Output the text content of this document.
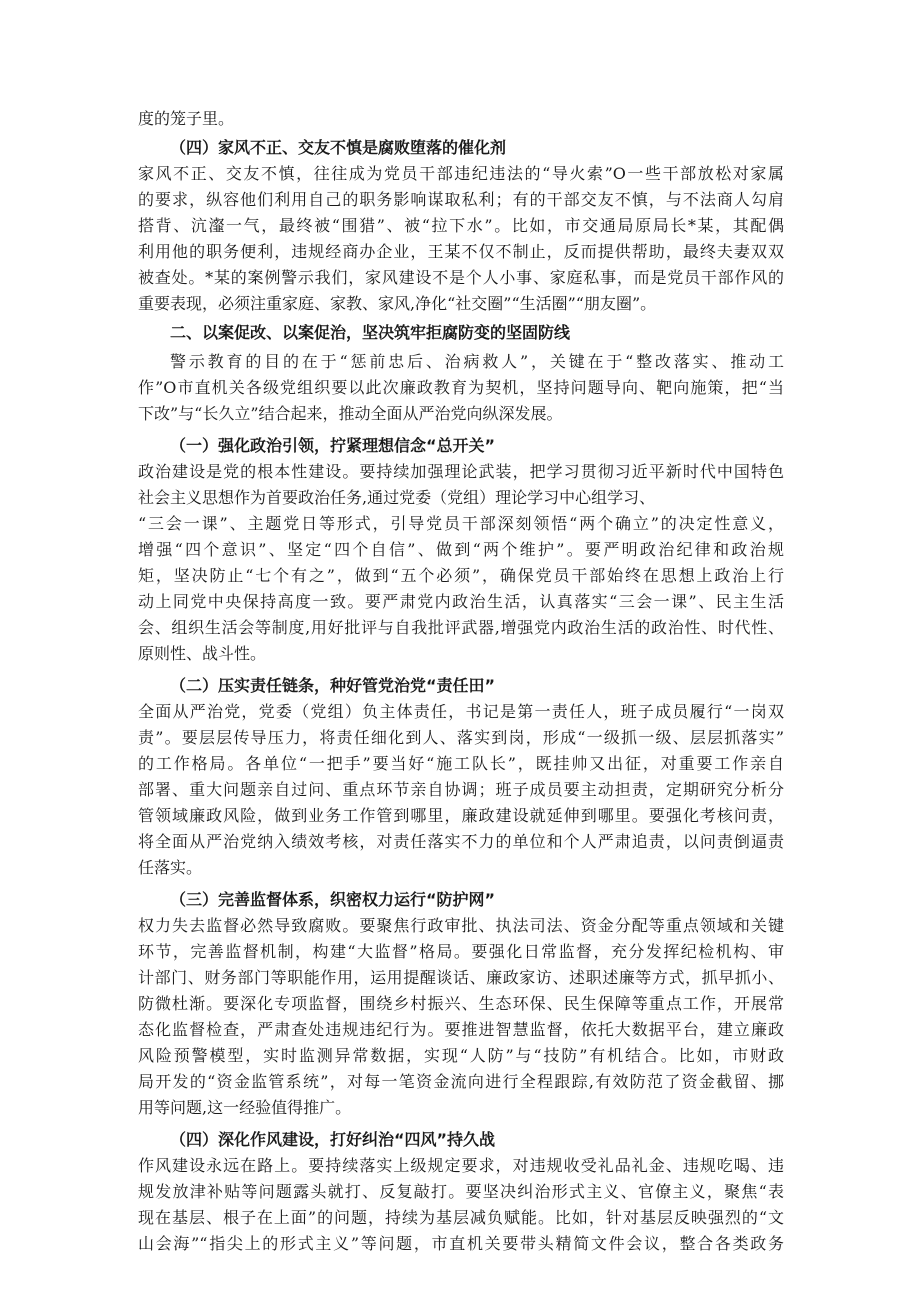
度的笼子里。
（四）家风不正、交友不慎是腐败堕落的催化剂
家风不正、交友不慎，往往成为党员干部违纪违法的“导火索”O一些干部放松对家属
的要求，纵容他们利用自己的职务影响谋取私利；有的干部交友不慎，与不法商人勾肩
搭背、沆瀣一气，最终被“围猎”、被“拉下水”。比如，市交通局原局长*某，其配偶
利用他的职务便利，违规经商办企业，王某不仅不制止，反而提供帮助，最终夫妻双双
被查处。*某的案例警示我们，家风建设不是个人小事、家庭私事，而是党员干部作风的
重要表现，必须注重家庭、家教、家风,净化“社交圈”“生活圈”“朋友圈”。
二、以案促改、以案促治，坚决筑牢拒腐防变的坚固防线
警示教育的目的在于“惩前忠后、治病救人”，关键在于“整改落实、推动工
作”O市直机关各级党组织要以此次廉政教育为契机，坚持问题导向、靶向施策，把“当
下改”与“长久立”结合起来，推动全面从严治党向纵深发展。
（一）强化政治引领，拧紧理想信念“总开关”
政治建设是党的根本性建设。要持续加强理论武装，把学习贯彻习近平新时代中国特色
社会主义思想作为首要政治任务,通过党委（党组）理论学习中心组学习、
“三会一课”、主题党日等形式，引导党员干部深刻领悟“两个确立”的决定性意义，
增强“四个意识”、坚定“四个自信”、做到“两个维护”。要严明政治纪律和政治规
矩，坚决防止“七个有之”，做到“五个必须”，确保党员干部始终在思想上政治上行
动上同党中央保持高度一致。要严肃党内政治生活，认真落实“三会一课”、民主生活
会、组织生活会等制度,用好批评与自我批评武器,增强党内政治生活的政治性、时代性、
原则性、战斗性。
（二）压实责任链条，种好管党治党“责任田”
全面从严治党，党委（党组）负主体责任，书记是第一责任人，班子成员履行“一岗双
责”。要层层传导压力，将责任细化到人、落实到岗，形成“一级抓一级、层层抓落实”
的工作格局。各单位“一把手”要当好“施工队长”，既挂帅又出征，对重要工作亲自
部署、重大问题亲自过问、重点环节亲自协调；班子成员要主动担责，定期研究分析分
管领域廉政风险，做到业务工作管到哪里，廉政建设就延伸到哪里。要强化考核问责，
将全面从严治党纳入绩效考核，对责任落实不力的单位和个人严肃追责，以问责倒逼责
任落实。
（三）完善监督体系，织密权力运行“防护网”
权力失去监督必然导致腐败。要聚焦行政审批、执法司法、资金分配等重点领域和关键
环节，完善监督机制，构建“大监督”格局。要强化日常监督，充分发挥纪检机构、审
计部门、财务部门等职能作用，运用提醒谈话、廉政家访、述职述廉等方式，抓早抓小、
防微杜渐。要深化专项监督，围绕乡村振兴、生态环保、民生保障等重点工作，开展常
态化监督检查，严肃查处违规违纪行为。要推进智慧监督，依托大数据平台，建立廉政
风险预警模型，实时监测异常数据，实现“人防”与“技防”有机结合。比如，市财政
局开发的“资金监管系统”，对每一笔资金流向进行全程跟踪,有效防范了资金截留、挪
用等问题,这一经验值得推广。
（四）深化作风建设，打好纠治“四风”持久战
作风建设永远在路上。要持续落实上级规定要求，对违规收受礼品礼金、违规吃喝、违
规发放津补贴等问题露头就打、反复敲打。要坚决纠治形式主义、官僚主义，聚焦“表
现在基层、根子在上面”的问题，持续为基层减负赋能。比如，针对基层反映强烈的“文
山会海”“指尖上的形式主义”等问题，市直机关要带头精简文件会议，整合各类政务
